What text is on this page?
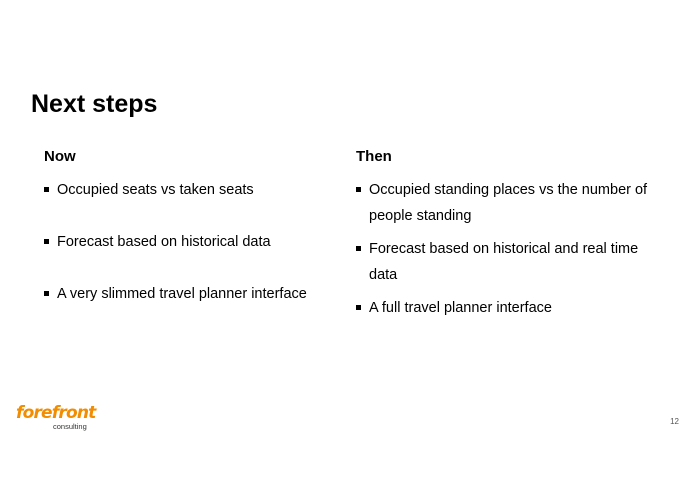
Next steps
Now
Occupied seats vs taken seats
Forecast based on historical data
A very slimmed travel planner interface
Then
Occupied standing places vs the number of people standing
Forecast based on historical and real time data
A full travel planner interface
forefront
consulting
12
